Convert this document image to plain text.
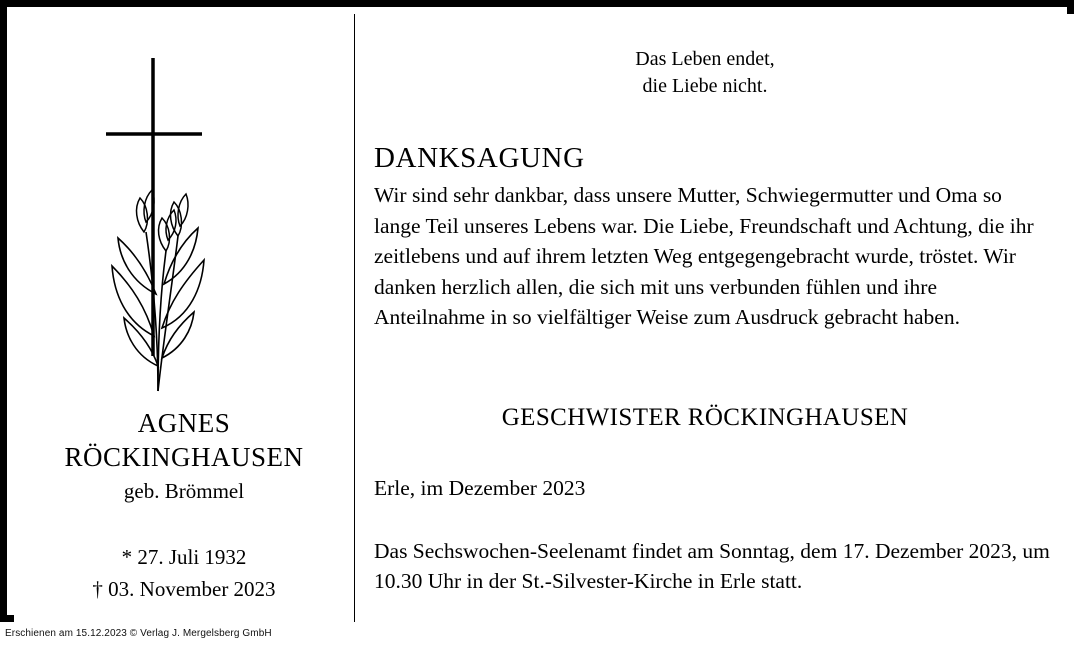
AGNES
RÖCKINGHAUSEN
geb. Brömmel
* 27. Juli 1932
† 03. November 2023
Das Leben endet,
die Liebe nicht.
DANKSAGUNG
Wir sind sehr dankbar, dass unsere Mutter, Schwiegermutter und Oma so lange Teil unseres Lebens war. Die Liebe, Freundschaft und Achtung, die ihr zeitlebens und auf ihrem letzten Weg entgegengebracht wurde, tröstet. Wir danken herzlich allen, die sich mit uns verbunden fühlen und ihre Anteilnahme in so vielfältiger Weise zum Ausdruck gebracht haben.
GESCHWISTER RÖCKINGHAUSEN
Erle, im Dezember 2023
Das Sechswochen-Seelenamt findet am Sonntag, dem 17. Dezember 2023, um 10.30 Uhr in der St.-Silvester-Kirche in Erle statt.
Erschienen am 15.12.2023 © Verlag J. Mergelsberg GmbH
